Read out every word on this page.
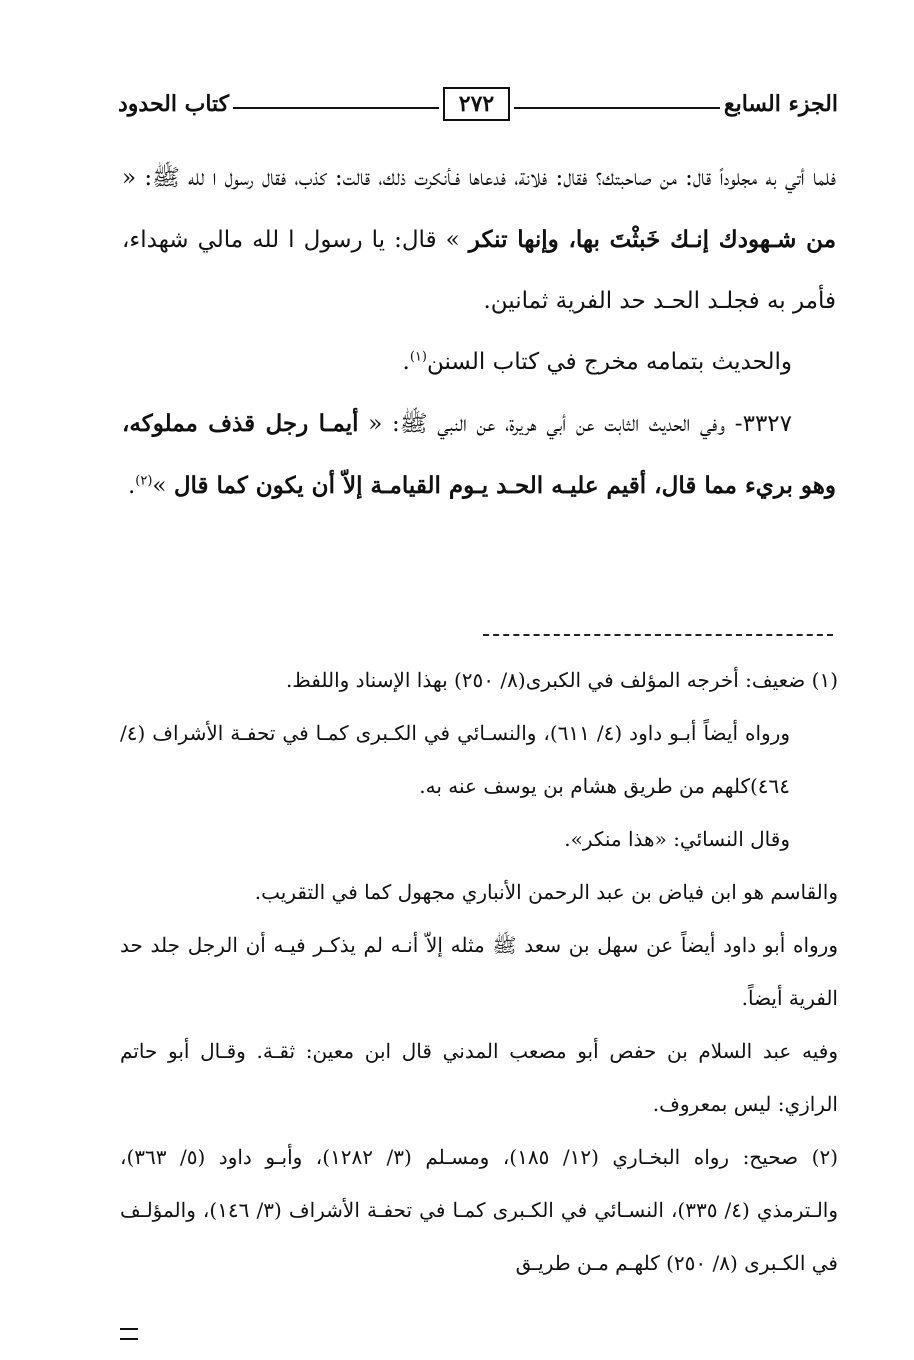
الجزء السابع
٢٧٢
كتاب الحدود

فلما أتي به مجلوداً قال: من صاحبتك؟ فقال: فلانة، فدعاها فـأنكرت ذلك، قالت: كذب، فقال رسول ا لله ﷺ: « من شـهودك إنـك خَبثْتَ بها، وإنها تنكر » قال: يا رسول ا لله مالي شهداء، فأمر به فجلـد الحـد حد الفرية ثمانين.

والحديث بتمامه مخرج في كتاب السنن$^{(١)}$.

٣٣٢٧- وفي الحديث الثابت عن أبي هريرة، عن النبي ﷺ: « أيمـا رجل قذف مملوكه، وهو بريء مما قال، أقيم عليـه الحـد يـوم القيامـة إلاّ أن يكون كما قال »$^{(٢)}$.

(١) ضعيف: أخرجه المؤلف في الكبرى(٨/ ٢٥٠) بهذا الإسناد واللفظ.

ورواه أيضاً أبـو داود (٤/ ٦١١)، والنسـائي في الكـبرى كمـا في تحفـة الأشراف (٤/ ٤٦٤)كلهم من طريق هشام بن يوسف عنه به.

وقال النسائي: «هذا منكر».

والقاسم هو ابن فياض بن عبد الرحمن الأنباري مجهول كما في التقريب.

ورواه أبو داود أيضاً عن سهل بن سعد ﷺ مثله إلاّ أنـه لم يذكـر فيـه أن الرجل جلد حد الفرية أيضاً.

وفيه عبد السلام بن حفص أبو مصعب المدني قال ابن معين: ثقـة. وقـال أبو حاتم الرازي: ليس بمعروف.

(٢) صحيح: رواه البخـاري (١٢/ ١٨٥)، ومسـلم (٣/ ١٢٨٢)، وأبـو داود (٥/ ٣٦٣)، والـترمذي (٤/ ٣٣٥)، النسـائي في الكـبرى كمـا في تحفـة الأشراف (٣/ ١٤٦)، والمؤلـف في الكـبرى (٨/ ٢٥٠) كلهـم مـن طريـق
